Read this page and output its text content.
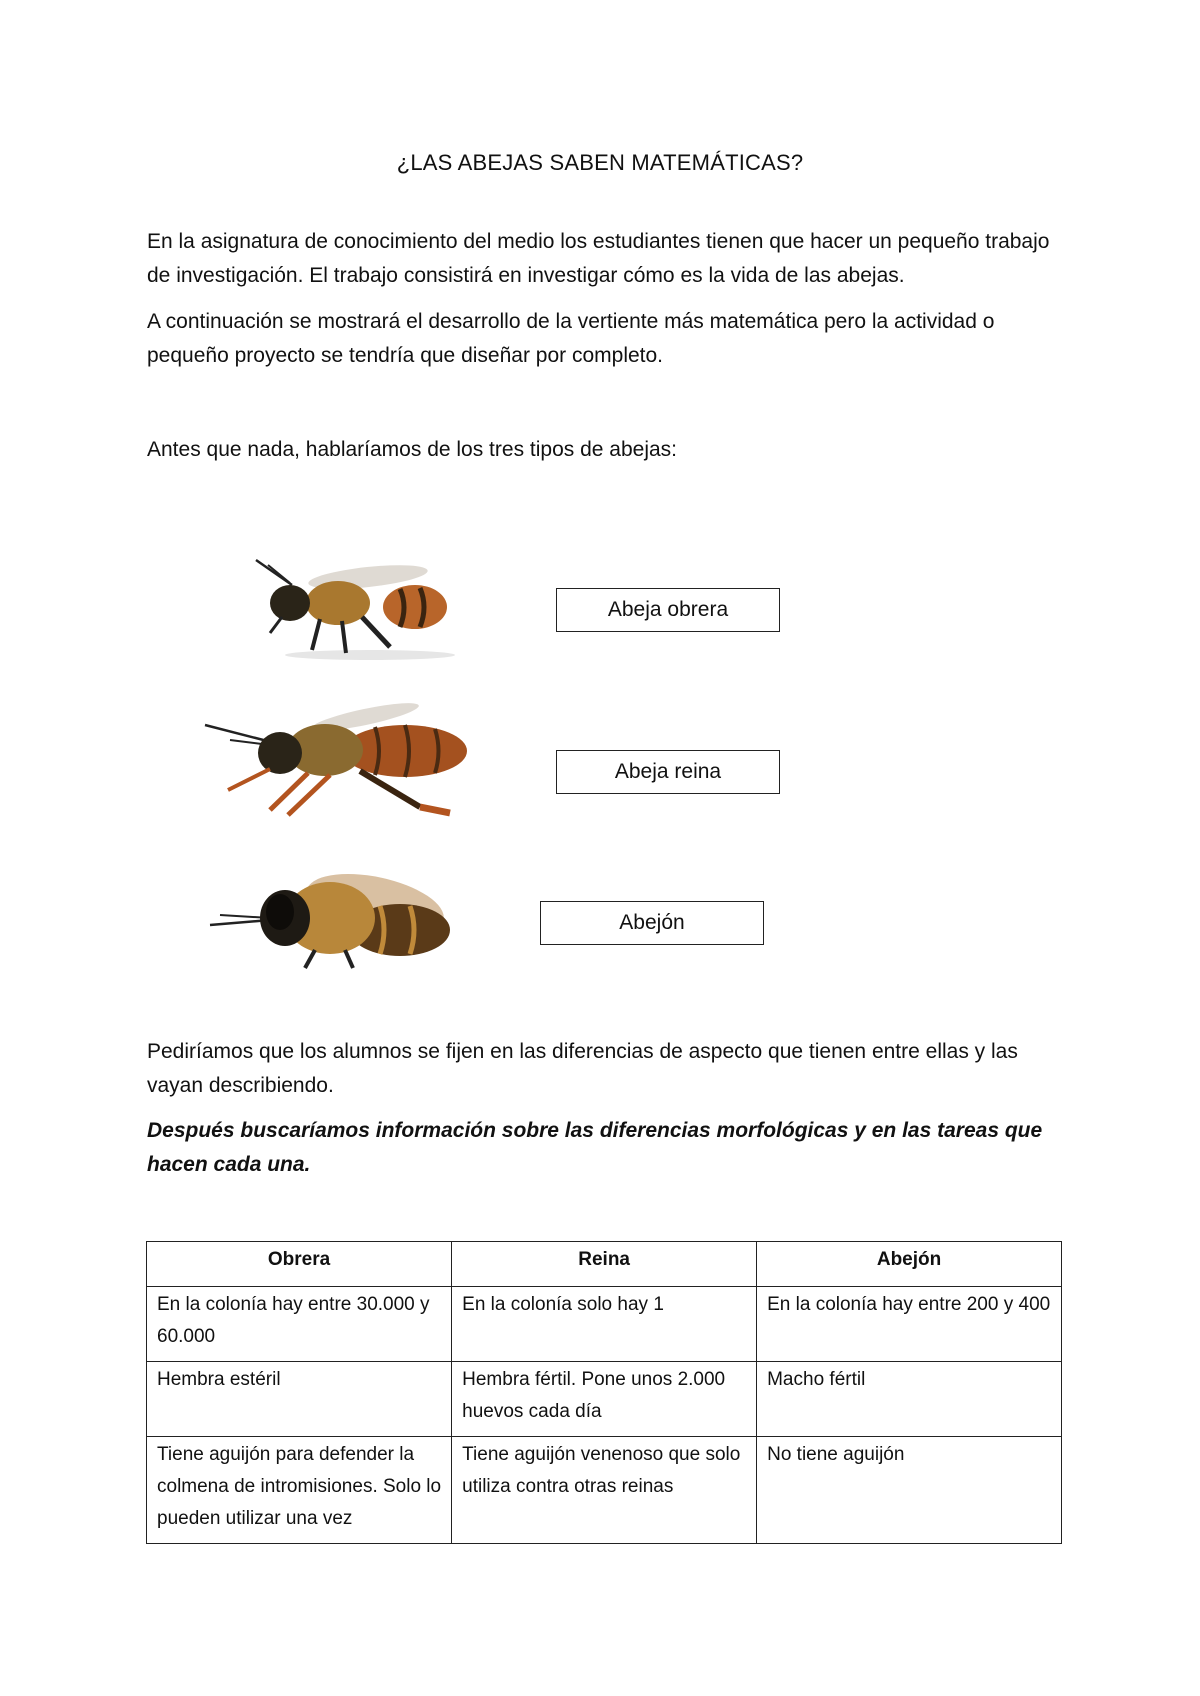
¿LAS ABEJAS SABEN MATEMÁTICAS?

En la asignatura de conocimiento del medio los estudiantes tienen que hacer un pequeño trabajo de investigación. El trabajo consistirá en investigar cómo es la vida de las abejas.

A continuación se mostrará el desarrollo de la vertiente más matemática pero la actividad o pequeño proyecto se tendría que diseñar por completo.

Antes que nada, hablaríamos de los tres tipos de abejas:

Abeja obrera
Abeja reina
Abejón

Pediríamos que los alumnos se fijen en las diferencias de aspecto que tienen entre ellas y las vayan describiendo.

Después buscaríamos información sobre las diferencias morfológicas y en las tareas que hacen cada una.

Obrera	Reina	Abejón
En la colonía hay entre 30.000 y 60.000	En la colonía solo hay 1	En la colonía hay entre 200 y 400
Hembra estéril	Hembra fértil. Pone unos 2.000 huevos cada día	Macho fértil
Tiene aguijón para defender la colmena de intromisiones. Solo lo pueden utilizar una vez	Tiene aguijón venenoso que solo utiliza contra otras reinas	No tiene aguijón
